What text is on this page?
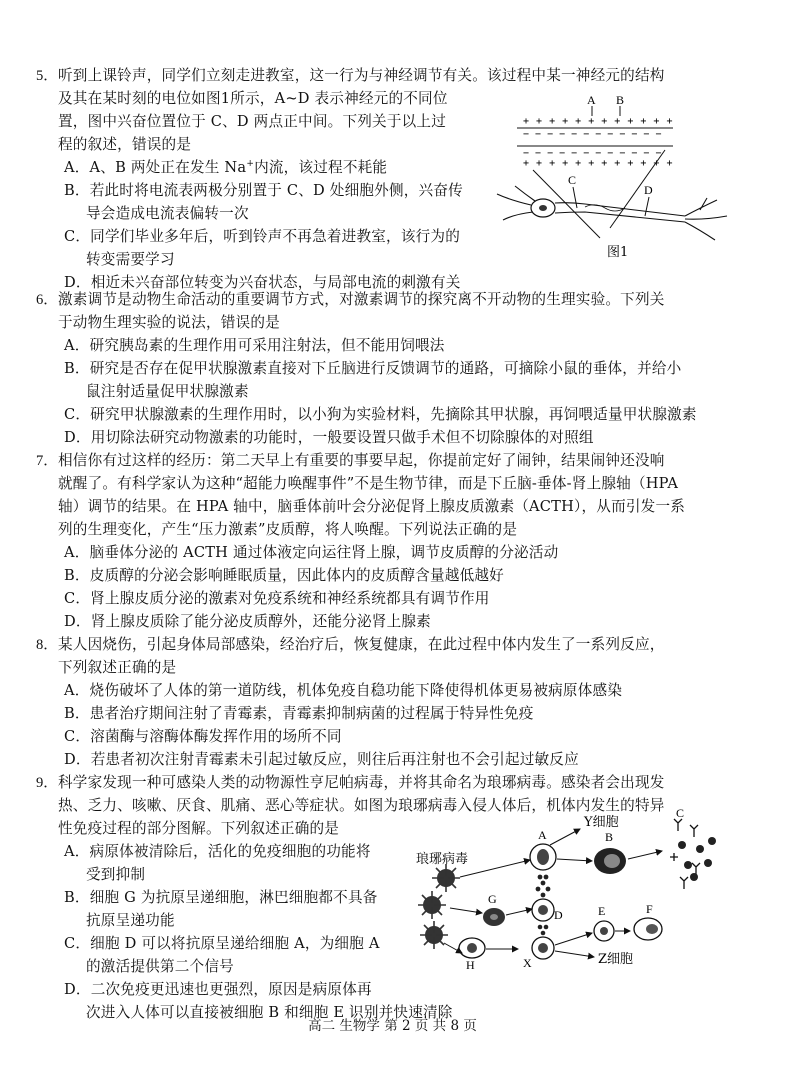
5． 听到上课铃声，同学们立刻走进教室，这一行为与神经调节有关。该过程中某一神经元的结构
及其在某时刻的电位如图1所示，A~D 表示神经元的不同位
置，图中兴奋位置位于 C、D 两点正中间。下列关于以上过
程的叙述，错误的是
A．A、B 两处正在发生 Na+内流，该过程不耗能
B．若此时将电流表两极分别置于 C、D 处细胞外侧，兴奋传
导会造成电流表偏转一次
C．同学们毕业多年后，听到铃声不再急着进教室，该行为的
转变需要学习
D．相近未兴奋部位转变为兴奋状态，与局部电流的刺激有关
A B
+ + + + + + + + + + + +
− − − − − − − − − − − −
− − − − − − − − − − − −
+ + + + + + + + + + + +
C
D
图1
6． 激素调节是动物生命活动的重要调节方式，对激素调节的探究离不开动物的生理实验。下列关
于动物生理实验的说法，错误的是
A．研究胰岛素的生理作用可采用注射法，但不能用饲喂法
B．研究是否存在促甲状腺激素直接对下丘脑进行反馈调节的通路，可摘除小鼠的垂体，并给小
鼠注射适量促甲状腺激素
C．研究甲状腺激素的生理作用时，以小狗为实验材料，先摘除其甲状腺，再饲喂适量甲状腺激素
D．用切除法研究动物激素的功能时，一般要设置只做手术但不切除腺体的对照组
7． 相信你有过这样的经历：第二天早上有重要的事要早起，你提前定好了闹钟，结果闹钟还没响
就醒了。有科学家认为这种“超能力唤醒事件”不是生物节律，而是下丘脑-垂体-肾上腺轴（HPA
轴）调节的结果。在 HPA 轴中，脑垂体前叶会分泌促肾上腺皮质激素（ACTH），从而引发一系
列的生理变化，产生“压力激素”皮质醇，将人唤醒。下列说法正确的是
A．脑垂体分泌的 ACTH 通过体液定向运往肾上腺，调节皮质醇的分泌活动
B．皮质醇的分泌会影响睡眠质量，因此体内的皮质醇含量越低越好
C．肾上腺皮质分泌的激素对免疫系统和神经系统都具有调节作用
D．肾上腺皮质除了能分泌皮质醇外，还能分泌肾上腺素
8． 某人因烧伤，引起身体局部感染，经治疗后，恢复健康，在此过程中体内发生了一系列反应，
下列叙述正确的是
A．烧伤破坏了人体的第一道防线，机体免疫自稳功能下降使得机体更易被病原体感染
B．患者治疗期间注射了青霉素，青霉素抑制病菌的过程属于特异性免疫
C．溶菌酶与溶酶体酶发挥作用的场所不同
D．若患者初次注射青霉素未引起过敏反应，则往后再注射也不会引起过敏反应
9． 科学家发现一种可感染人类的动物源性亨尼帕病毒，并将其命名为琅琊病毒。感染者会出现发
热、乏力、咳嗽、厌食、肌痛、恶心等症状。如图为琅琊病毒入侵人体后，机体内发生的特异
性免疫过程的部分图解。下列叙述正确的是
A．病原体被清除后，活化的免疫细胞的功能将
受到抑制
B．细胞 G 为抗原呈递细胞，淋巴细胞都不具备
抗原呈递功能
C．细胞 D 可以将抗原呈递给细胞 A，为细胞 A
的激活提供第二个信号
D．二次免疫更迅速也更强烈，原因是病原体再
次进入人体可以直接被细胞 B 和细胞 E 识别并快速清除
琅琊病毒
A
Y细胞
B
C
G
D
H	X
E	F
Z细胞
高二 生物学 第 2 页 共 8 页
